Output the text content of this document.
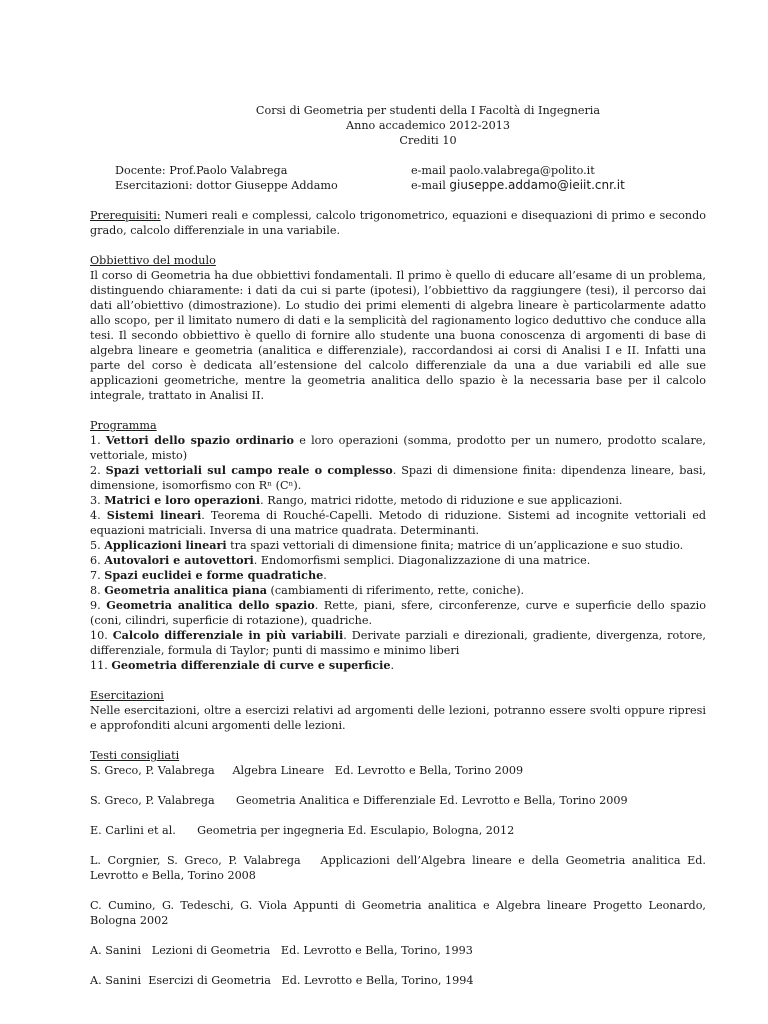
Corsi di Geometria per studenti della I Facoltà di Ingegneria
Anno accademico 2012-2013
Crediti 10
Docente: Prof.Paolo Valabrega	e-mail paolo.valabrega@polito.it
Esercitazioni: dottor Giuseppe Addamo	e-mail giuseppe.addamo@ieiit.cnr.it

Prerequisiti: Numeri reali e complessi, calcolo trigonometrico, equazioni e disequazioni di primo e secondo grado, calcolo differenziale in una variabile.

Obbiettivo del modulo

Il corso di Geometria ha due obbiettivi fondamentali. Il primo è quello di educare all’esame di un problema, distinguendo chiaramente: i dati da cui si parte (ipotesi), l’obbiettivo da raggiungere (tesi), il percorso dai dati all’obiettivo (dimostrazione). Lo studio dei primi elementi di algebra lineare è particolarmente adatto allo scopo, per il limitato numero di dati e la semplicità del ragionamento logico deduttivo che conduce alla tesi. Il secondo obbiettivo è quello di fornire allo studente una buona conoscenza di argomenti di base di algebra lineare e geometria (analitica e differenziale), raccordandosi ai corsi di Analisi I e II. Infatti una parte del corso è dedicata all’estensione del calcolo differenziale da una a due variabili ed alle sue applicazioni geometriche, mentre la geometria analitica dello spazio è la necessaria base per il calcolo integrale, trattato in Analisi II.

Programma

1. Vettori dello spazio ordinario e loro operazioni (somma, prodotto per un numero, prodotto scalare, vettoriale, misto)

2. Spazi vettoriali sul campo reale o complesso. Spazi di dimensione finita: dipendenza lineare, basi, dimensione, isomorfismo con Rⁿ (Cⁿ).

3. Matrici e loro operazioni. Rango, matrici ridotte, metodo di riduzione e sue applicazioni.

4. Sistemi lineari. Teorema di Rouché-Capelli. Metodo di riduzione. Sistemi ad incognite vettoriali ed equazioni matriciali. Inversa di una matrice quadrata. Determinanti.

5. Applicazioni lineari tra spazi vettoriali di dimensione finita; matrice di un’applicazione e suo studio.

6. Autovalori e autovettori. Endomorfismi semplici. Diagonalizzazione di una matrice.

7. Spazi euclidei e forme quadratiche.

8. Geometria analitica piana (cambiamenti di riferimento, rette, coniche).

9. Geometria analitica dello spazio. Rette, piani, sfere, circonferenze, curve e superficie dello spazio (coni, cilindri, superficie di rotazione), quadriche.

10. Calcolo differenziale in più variabili. Derivate parziali e direzionali, gradiente, divergenza, rotore, differenziale, formula di Taylor; punti di massimo e minimo liberi

11. Geometria differenziale di curve e superficie.

Esercitazioni

Nelle esercitazioni, oltre a esercizi relativi ad argomenti delle lezioni, potranno essere svolti oppure ripresi e approfonditi alcuni argomenti delle lezioni.

Testi consigliati

S. Greco, P. Valabrega     Algebra Lineare   Ed. Levrotto e Bella, Torino 2009

S. Greco, P. Valabrega      Geometria Analitica e Differenziale Ed. Levrotto e Bella, Torino 2009

E. Carlini et al.      Geometria per ingegneria Ed. Esculapio, Bologna, 2012

L. Corgnier, S. Greco, P. Valabrega   Applicazioni dell’Algebra lineare e della Geometria analitica Ed. Levrotto e Bella, Torino 2008

C. Cumino, G. Tedeschi, G. Viola Appunti di Geometria analitica e Algebra lineare Progetto Leonardo, Bologna 2002

A. Sanini   Lezioni di Geometria   Ed. Levrotto e Bella, Torino, 1993

A. Sanini  Esercizi di Geometria   Ed. Levrotto e Bella, Torino, 1994
